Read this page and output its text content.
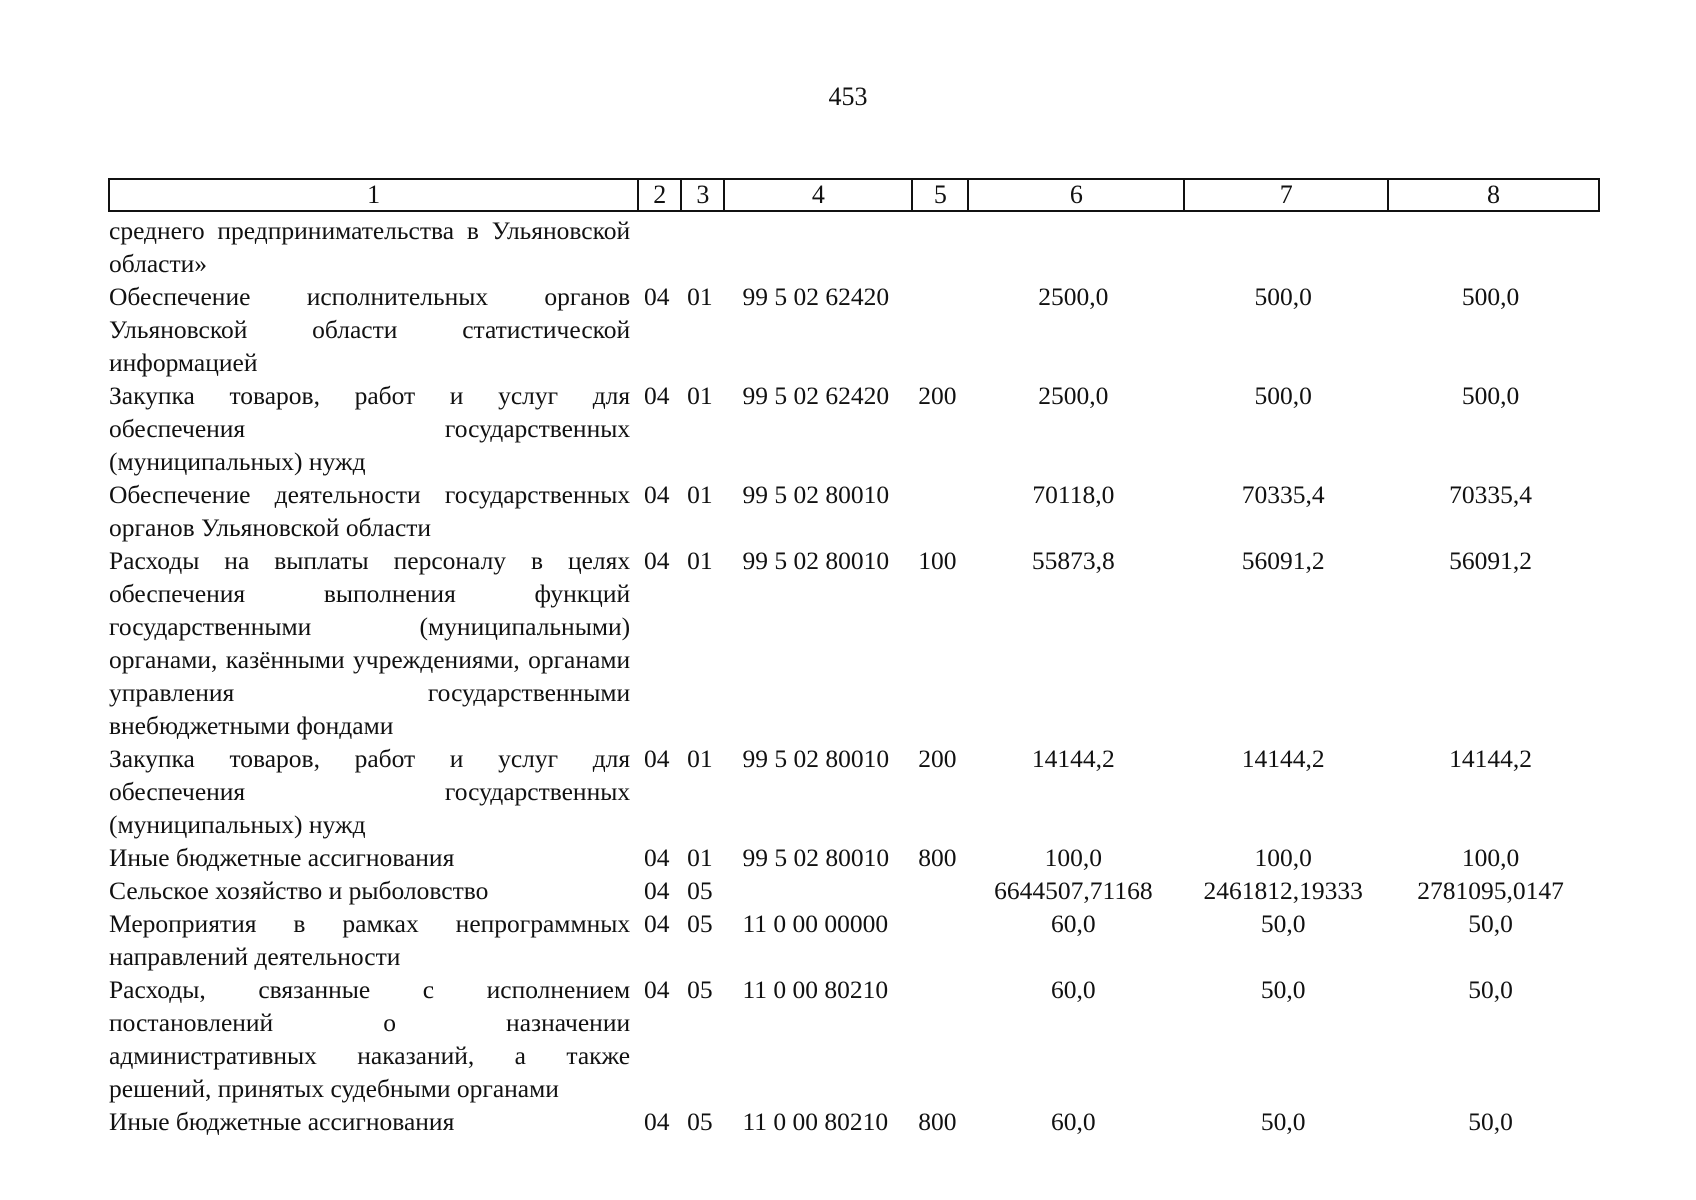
453
1	2	3	4	5	6	7	8
среднего предпринимательства в Ульяновской области»							
Обеспечение исполнительных органов Ульяновской области статистической информацией	04	01	99 5 02 62420		2500,0	500,0	500,0
Закупка товаров, работ и услуг для обеспечения государственных (муниципальных) нужд	04	01	99 5 02 62420	200	2500,0	500,0	500,0
Обеспечение деятельности государственных органов Ульяновской области	04	01	99 5 02 80010		70118,0	70335,4	70335,4
Расходы на выплаты персоналу в целях обеспечения выполнения функций государственными (муниципальными) органами, казёнными учреждениями, органами управления государственными внебюджетными фондами	04	01	99 5 02 80010	100	55873,8	56091,2	56091,2
Закупка товаров, работ и услуг для обеспечения государственных (муниципальных) нужд	04	01	99 5 02 80010	200	14144,2	14144,2	14144,2
Иные бюджетные ассигнования	04	01	99 5 02 80010	800	100,0	100,0	100,0
Сельское хозяйство и рыболовство	04	05			6644507,71168	2461812,19333	2781095,0147
Мероприятия в рамках непрограммных направлений деятельности	04	05	11 0 00 00000		60,0	50,0	50,0
Расходы, связанные с исполнением постановлений о назначении административных наказаний, а также решений, принятых судебными органами	04	05	11 0 00 80210		60,0	50,0	50,0
Иные бюджетные ассигнования	04	05	11 0 00 80210	800	60,0	50,0	50,0
